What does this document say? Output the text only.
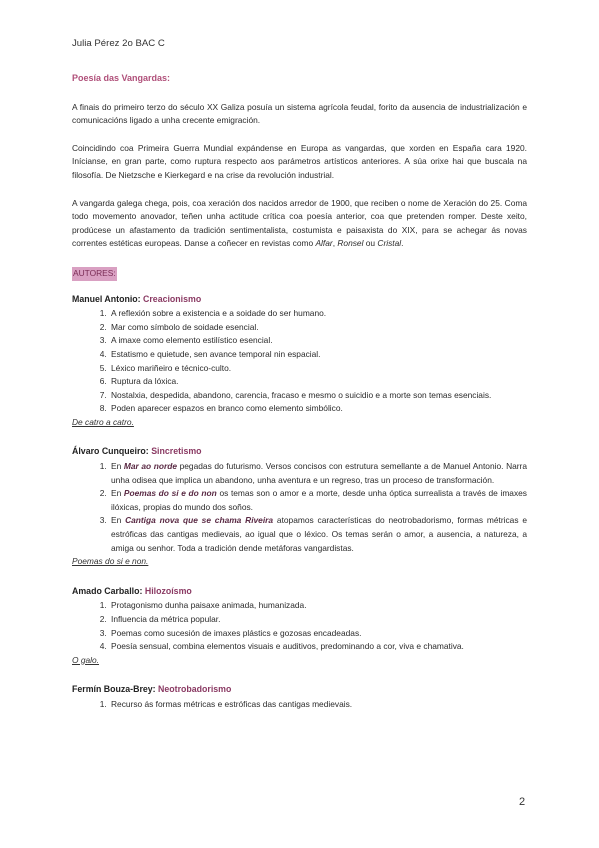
Julia Pérez 2o BAC C
Poesía das Vangardas:

A finais do primeiro terzo do século XX Galiza posuía un sistema agrícola feudal, forito da ausencia de industrialización e comunicacións ligado a unha crecente emigración.

Coincidindo coa Primeira Guerra Mundial expándense en Europa as vangardas, que xorden en España cara 1920. Inícianse, en gran parte, como ruptura respecto aos parámetros artísticos anteriores. A súa orixe hai que buscala na filosofía. De Nietzsche e Kierkegard e na crise da revolución industrial.

A vangarda galega chega, pois, coa xeración dos nacidos arredor de 1900, que reciben o nome de Xeración do 25. Coma todo movemento anovador, teñen unha actitude crítica coa poesía anterior, coa que pretenden romper. Deste xeito, prodúcese un afastamento da tradición sentimentalista, costumista e paisaxista do XIX, para se achegar ás novas correntes estéticas europeas. Danse a coñecer en revistas como Alfar, Ronsel ou Cristal.

AUTORES:
Manuel Antonio: Creacionismo
1. A reflexión sobre a existencia e a soidade do ser humano.
2. Mar como símbolo de soidade esencial.
3. A imaxe como elemento estilístico esencial.
4. Estatismo e quietude, sen avance temporal nin espacial.
5. Léxico mariñeiro e técnico-culto.
6. Ruptura da lóxica.
7. Nostalxia, despedida, abandono, carencia, fracaso e mesmo o suicidio e a morte son temas esenciais.
8. Poden aparecer espazos en branco como elemento simbólico.
De catro a catro.
Álvaro Cunqueiro: Sincretismo
1. En Mar ao norde pegadas do futurismo. Versos concisos con estrutura semellante a de Manuel Antonio. Narra unha odisea que implica un abandono, unha aventura e un regreso, tras un proceso de transformación.
2. En Poemas do si e do non os temas son o amor e a morte, desde unha óptica surrealista a través de imaxes ilóxicas, propias do mundo dos soños.
3. En Cantiga nova que se chama Riveira atopamos características do neotrobadorismo, formas métricas e estróficas das cantigas medievais, ao igual que o léxico. Os temas serán o amor, a ausencia, a natureza, a amiga ou senhor. Toda a tradición dende metáforas vangardistas.
Poemas do si e non.
Amado Carballo: Hilozoísmo
1. Protagonismo dunha paisaxe animada, humanizada.
2. Influencia da métrica popular.
3. Poemas como sucesión de imaxes plástics e gozosas encadeadas.
4. Poesía sensual, combina elementos visuais e auditivos, predominando a cor, viva e chamativa.
O galo.
Fermín Bouza-Brey: Neotrobadorismo
1. Recurso ás formas métricas e estróficas das cantigas medievais.
2
